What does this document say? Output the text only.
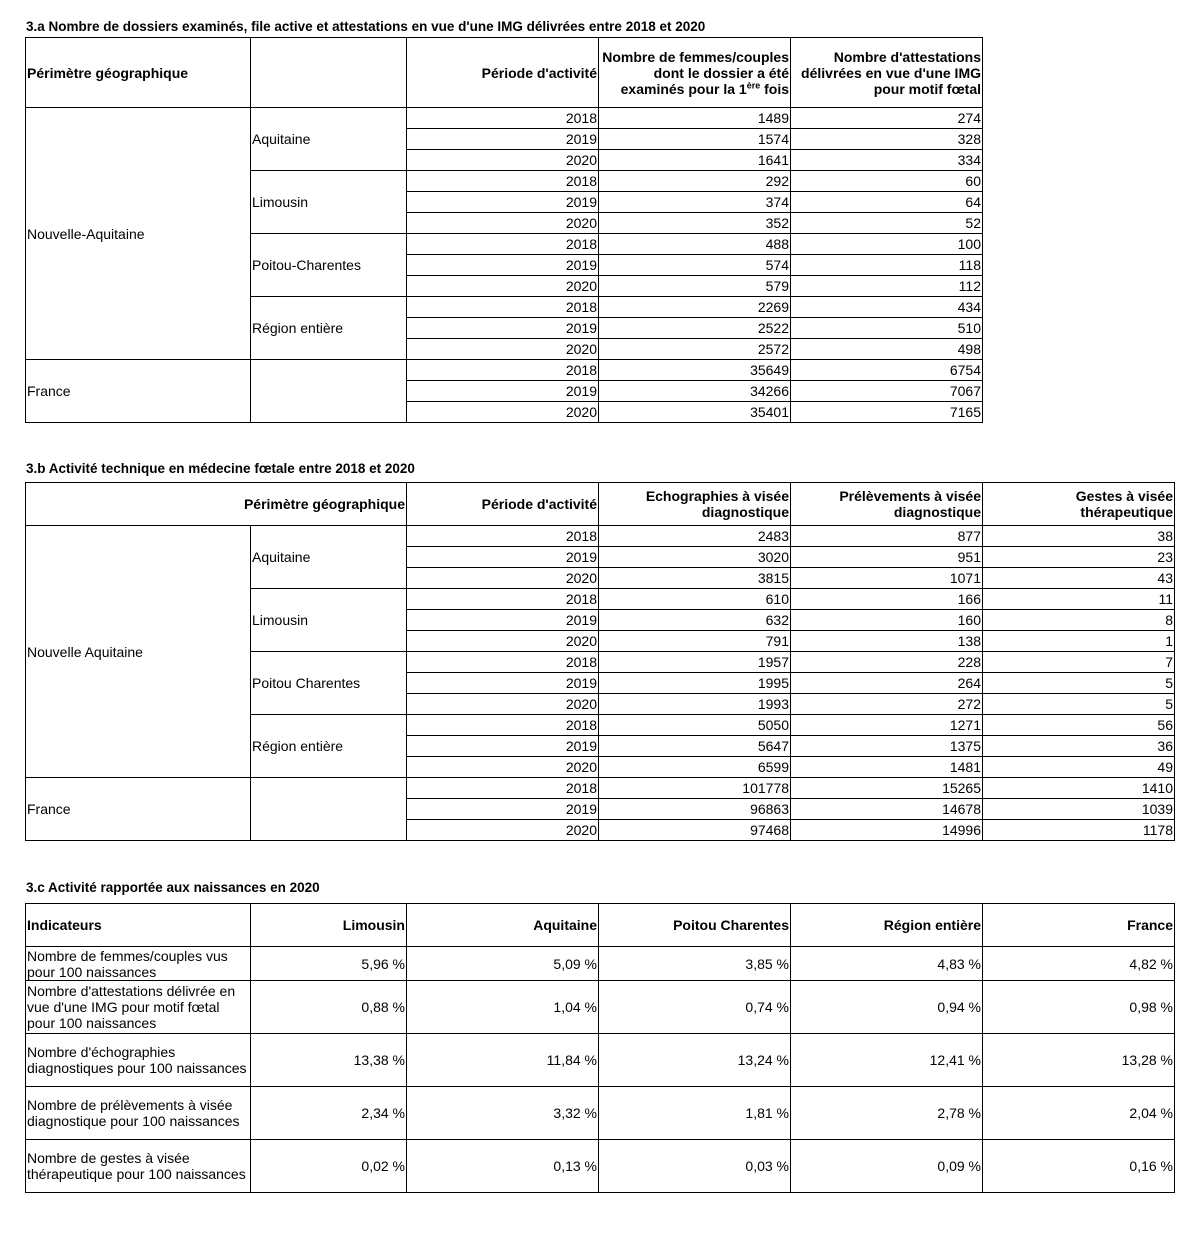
3.a Nombre de dossiers examinés, file active et attestations en vue d'une IMG délivrées entre 2018 et 2020
Périmètre géographique		Période d'activité	Nombre de femmes/couples dont le dossier a été examinés pour la 1ère fois	Nombre d'attestations délivrées en vue d'une IMG pour motif fœtal
Nouvelle-Aquitaine	Aquitaine	2018	1489	274
		2019	1574	328
		2020	1641	334
	Limousin	2018	292	60
		2019	374	64
		2020	352	52
	Poitou-Charentes	2018	488	100
		2019	574	118
		2020	579	112
	Région entière	2018	2269	434
		2019	2522	510
		2020	2572	498
France		2018	35649	6754
		2019	34266	7067
		2020	35401	7165
3.b Activité technique en médecine fœtale entre 2018 et 2020
Périmètre géographique		Période d'activité	Echographies à visée diagnostique	Prélèvements à visée diagnostique	Gestes à visée thérapeutique
Nouvelle Aquitaine	Aquitaine	2018	2483	877	38
		2019	3020	951	23
		2020	3815	1071	43
	Limousin	2018	610	166	11
		2019	632	160	8
		2020	791	138	1
	Poitou Charentes	2018	1957	228	7
		2019	1995	264	5
		2020	1993	272	5
	Région entière	2018	5050	1271	56
		2019	5647	1375	36
		2020	6599	1481	49
France		2018	101778	15265	1410
		2019	96863	14678	1039
		2020	97468	14996	1178
3.c Activité rapportée aux naissances en 2020
Indicateurs	Limousin	Aquitaine	Poitou Charentes	Région entière	France
Nombre de femmes/couples vus pour 100 naissances	5,96 %	5,09 %	3,85 %	4,83 %	4,82 %
Nombre d'attestations délivrée en vue d'une IMG pour motif fœtal pour 100 naissances	0,88 %	1,04 %	0,74 %	0,94 %	0,98 %
Nombre d'échographies diagnostiques pour 100 naissances	13,38 %	11,84 %	13,24 %	12,41 %	13,28 %
Nombre de prélèvements à visée diagnostique pour 100 naissances	2,34 %	3,32 %	1,81 %	2,78 %	2,04 %
Nombre de gestes à visée thérapeutique pour 100 naissances	0,02 %	0,13 %	0,03 %	0,09 %	0,16 %
